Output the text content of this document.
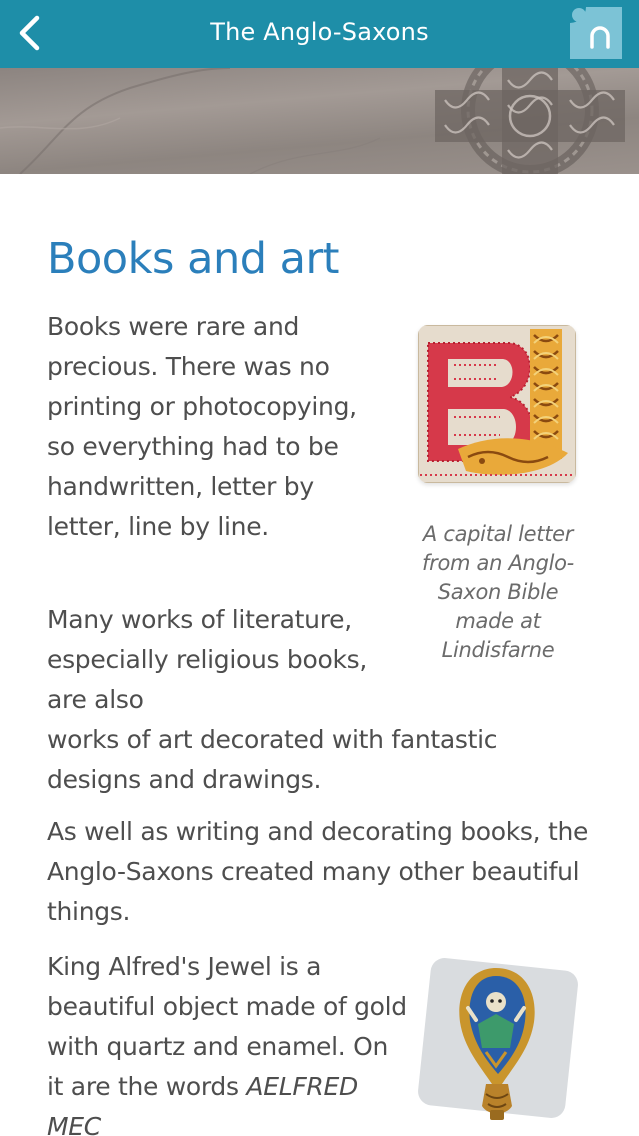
The Anglo-Saxons
Books and art

Books were rare and precious. There was no printing or photocopying, so everything had to be handwritten, letter by letter, line by line.	A capital letter from an Anglo-Saxon Bible made at Lindisfarne

Many works of literature, especially religious books, are also
works of art decorated with fantastic designs and drawings.

As well as writing and decorating books, the Anglo-Saxons created many other beautiful things.

King Alfred's Jewel is a beautiful object made of gold with quartz and enamel. On it are the words AELFRED MEC
